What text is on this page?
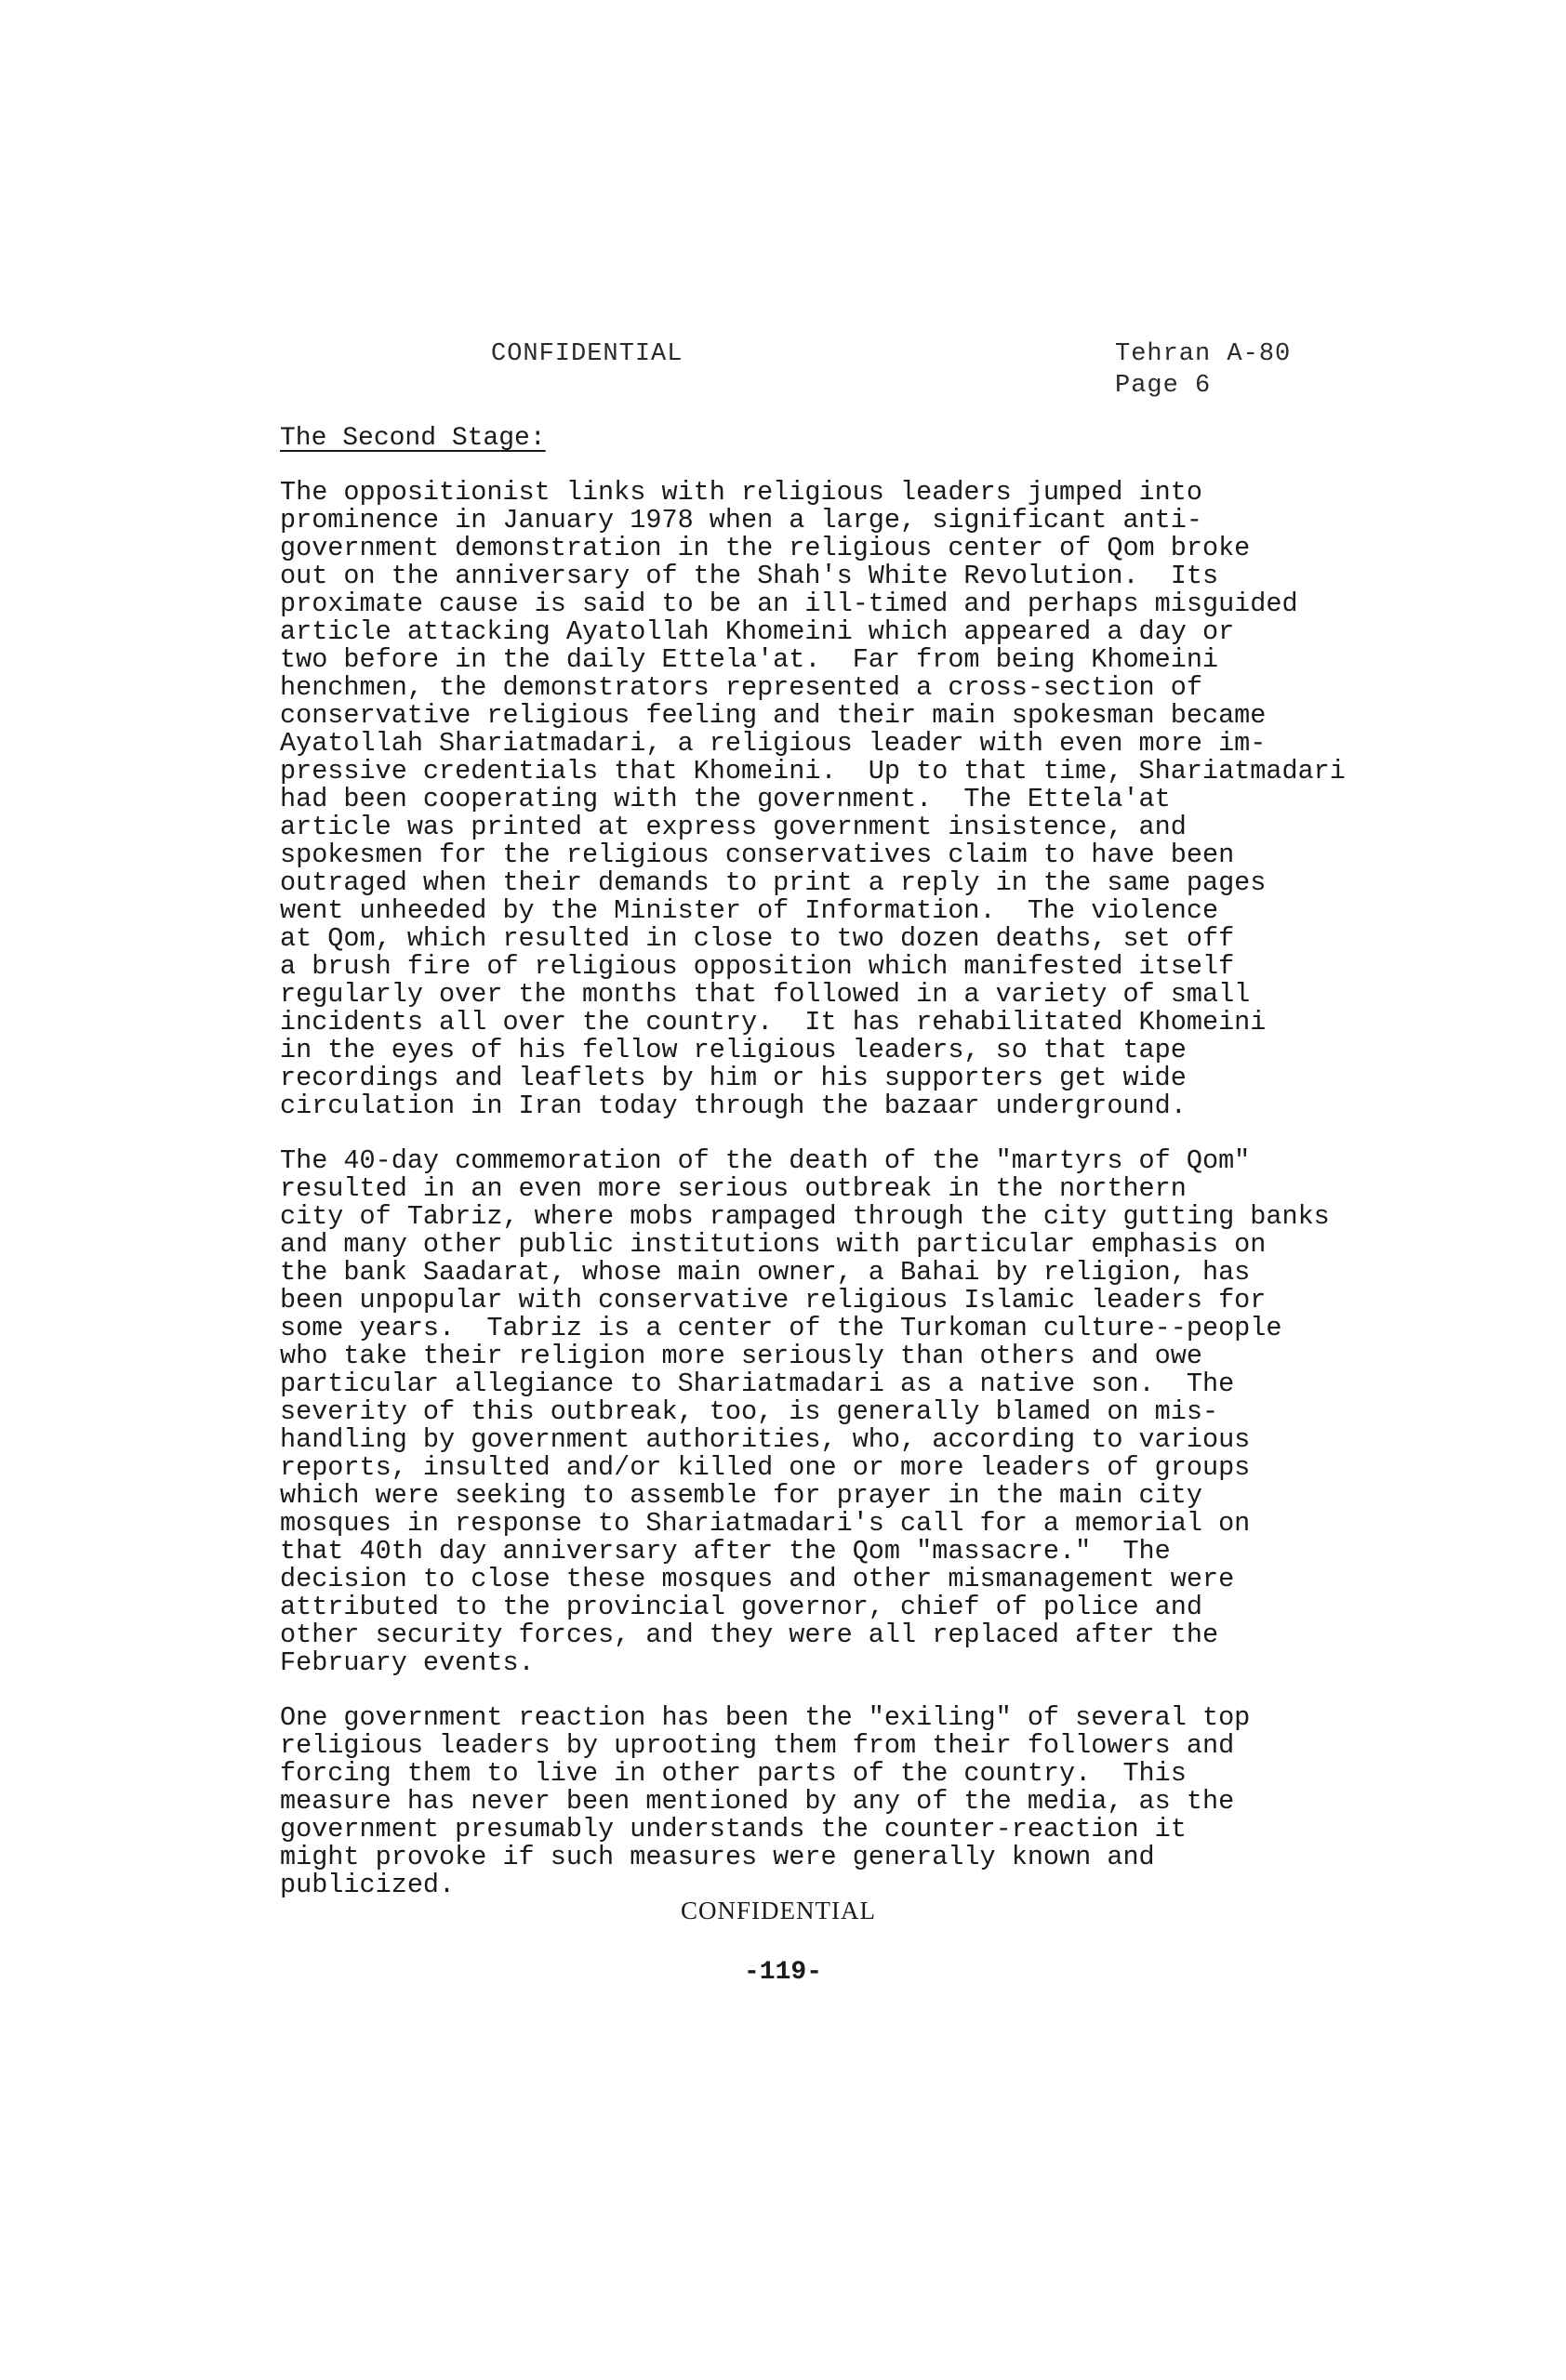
CONFIDENTIAL	Tehran A-80
Page 6
The Second Stage:
The oppositionist links with religious leaders jumped into
prominence in January 1978 when a large, significant anti-
government demonstration in the religious center of Qom broke
out on the anniversary of the Shah's White Revolution.  Its
proximate cause is said to be an ill-timed and perhaps misguided
article attacking Ayatollah Khomeini which appeared a day or
two before in the daily Ettela'at.  Far from being Khomeini
henchmen, the demonstrators represented a cross-section of
conservative religious feeling and their main spokesman became
Ayatollah Shariatmadari, a religious leader with even more im-
pressive credentials that Khomeini.  Up to that time, Shariatmadari
had been cooperating with the government.  The Ettela'at
article was printed at express government insistence, and
spokesmen for the religious conservatives claim to have been
outraged when their demands to print a reply in the same pages
went unheeded by the Minister of Information.  The violence
at Qom, which resulted in close to two dozen deaths, set off
a brush fire of religious opposition which manifested itself
regularly over the months that followed in a variety of small
incidents all over the country.  It has rehabilitated Khomeini
in the eyes of his fellow religious leaders, so that tape
recordings and leaflets by him or his supporters get wide
circulation in Iran today through the bazaar underground.
The 40-day commemoration of the death of the "martyrs of Qom"
resulted in an even more serious outbreak in the northern
city of Tabriz, where mobs rampaged through the city gutting banks
and many other public institutions with particular emphasis on
the bank Saadarat, whose main owner, a Bahai by religion, has
been unpopular with conservative religious Islamic leaders for
some years.  Tabriz is a center of the Turkoman culture--people
who take their religion more seriously than others and owe
particular allegiance to Shariatmadari as a native son.  The
severity of this outbreak, too, is generally blamed on mis-
handling by government authorities, who, according to various
reports, insulted and/or killed one or more leaders of groups
which were seeking to assemble for prayer in the main city
mosques in response to Shariatmadari's call for a memorial on
that 40th day anniversary after the Qom "massacre."  The
decision to close these mosques and other mismanagement were
attributed to the provincial governor, chief of police and
other security forces, and they were all replaced after the
February events.
One government reaction has been the "exiling" of several top
religious leaders by uprooting them from their followers and
forcing them to live in other parts of the country.  This
measure has never been mentioned by any of the media, as the
government presumably understands the counter-reaction it
might provoke if such measures were generally known and
publicized.
CONFIDENTIAL
-119-
